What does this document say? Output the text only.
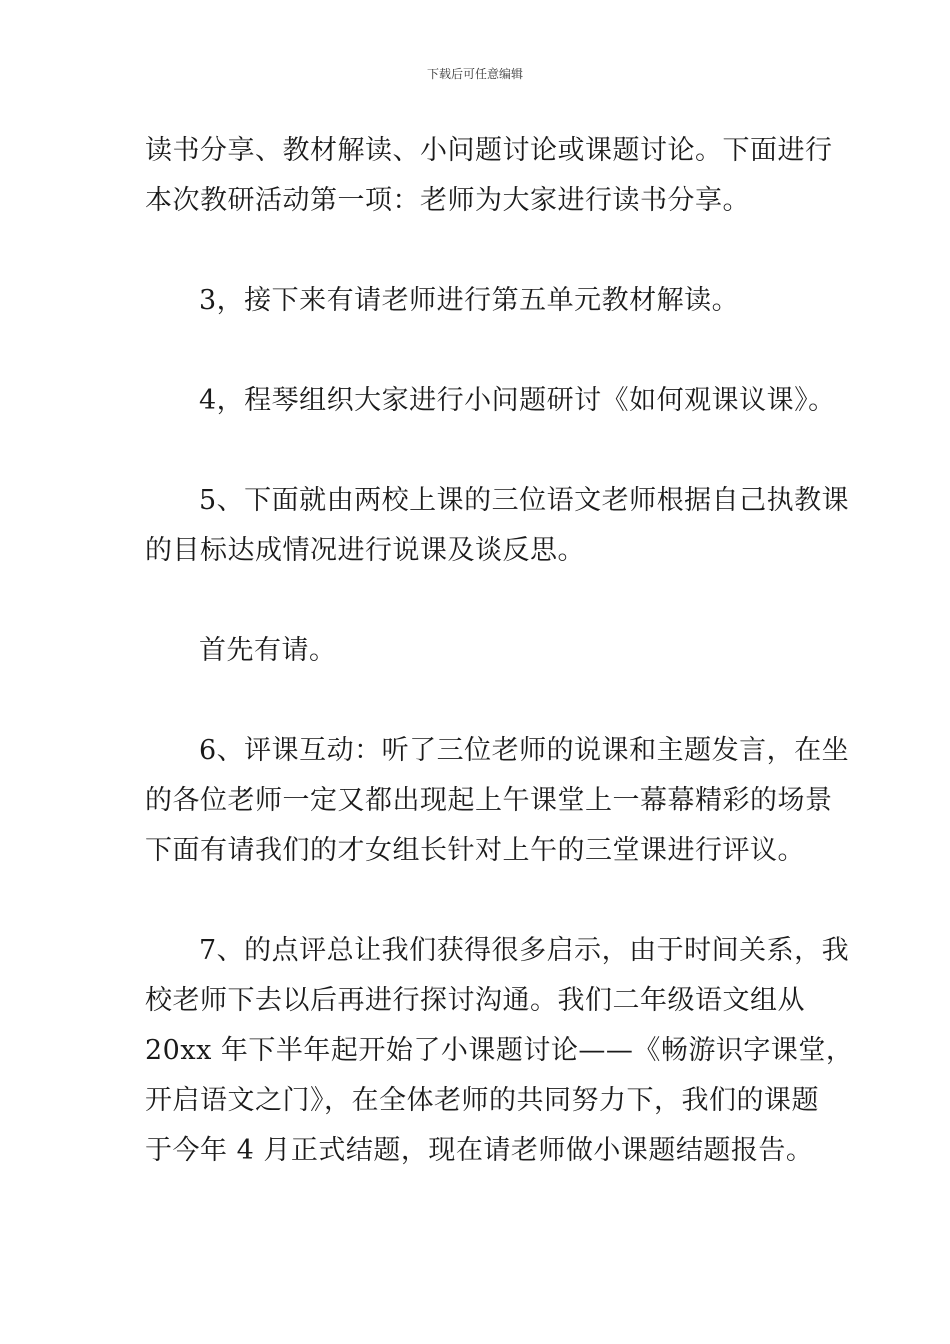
下载后可任意编辑
读书分享、教材解读、小问题讨论或课题讨论。下面进行
本次教研活动第一项：老师为大家进行读书分享。
3，接下来有请老师进行第五单元教材解读。
4，程琴组织大家进行小问题研讨《如何观课议课》。
5、下面就由两校上课的三位语文老师根据自己执教课
的目标达成情况进行说课及谈反思。
首先有请。
6、评课互动：听了三位老师的说课和主题发言，在坐
的各位老师一定又都出现起上午课堂上一幕幕精彩的场景
下面有请我们的才女组长针对上午的三堂课进行评议。
7、的点评总让我们获得很多启示，由于时间关系，我
校老师下去以后再进行探讨沟通。我们二年级语文组从
20xx 年下半年起开始了小课题讨论——《畅游识字课堂，
开启语文之门》，在全体老师的共同努力下，我们的课题
于今年 4 月正式结题，现在请老师做小课题结题报告。
